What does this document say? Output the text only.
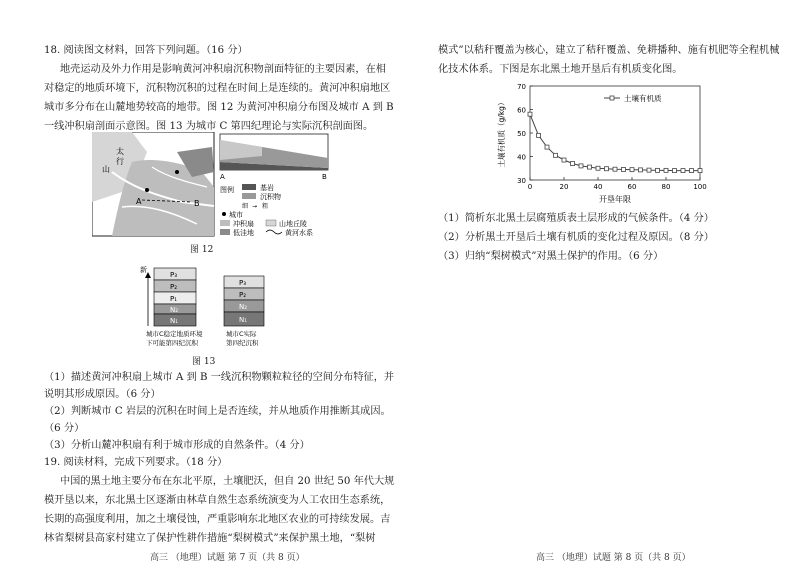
18. 阅读图文材料，回答下列问题。（16 分）
地壳运动及外力作用是影响黄河冲积扇沉积物剖面特征的主要因素，在相
对稳定的地质环境下，沉积物沉积的过程在时间上是连续的。黄河冲积扇地区
城市多分布在山麓地势较高的地带。图 12 为黄河冲积扇分布图及城市 A 到 B
一线冲积扇剖面示意图。图 13 为城市 C 第四纪理论与实际沉积剖面图。
太
行
山
A	B
A	B
图例	基岩
沉积物
细 → 粗
城市
冲积扇	山地丘陵
低洼地	黄河水系
图 12
新
P₃
P₂
P₁
N₂
N₁
P₃
P₂
N₂
N₁
城市C稳定地质环境
下可能第四纪沉积
城市C实际
第四纪沉积
图 13
（1）描述黄河冲积扇上城市 A 到 B 一线沉积物颗粒粒径的空间分布特征，并
说明其形成原因。（6 分）
（2）判断城市 C 岩层的沉积在时间上是否连续，并从地质作用推断其成因。
（6 分）
（3）分析山麓冲积扇有利于城市形成的自然条件。（4 分）
19. 阅读材料，完成下列要求。（18 分）
中国的黑土地主要分布在东北平原，土壤肥沃，但自 20 世纪 50 年代大规
模开垦以来，东北黑土区逐渐由林草自然生态系统演变为人工农田生态系统，
长期的高强度利用，加之土壤侵蚀，严重影响东北地区农业的可持续发展。吉
林省梨树县高家村建立了保护性耕作措施“梨树模式”来保护黑土地，“梨树
高三 （地理）试题 第 7 页（共 8 页）
模式”以秸秆覆盖为核心，建立了秸秆覆盖、免耕播种、施有机肥等全程机械
化技术体系。下图是东北黑土地开垦后有机质变化图。
30
40
50
60
70
0	20	40	60	80	100
开垦年限
土壤有机质（g/kg）
土壤有机质
（1）简析东北黑土层腐殖质表土层形成的气候条件。（4 分）
（2）分析黑土开垦后土壤有机质的变化过程及原因。（8 分）
（3）归纳“梨树模式”对黑土保护的作用。（6 分）
高三 （地理）试题 第 8 页（共 8 页）
